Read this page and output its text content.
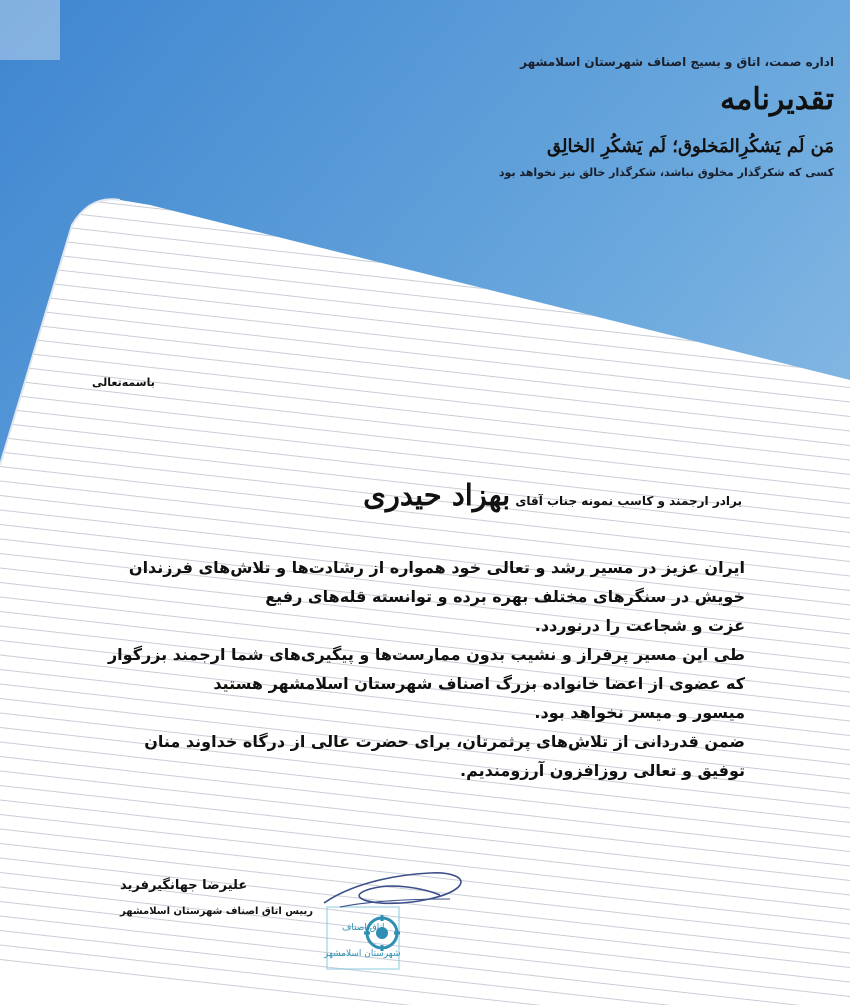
اداره صمت، اتاق و بسیج اصناف شهرستان اسلامشهر
تقدیرنامه
مَن لَم یَشکُرِالمَخلوق؛ لَم یَشکُرِ الخالِق
کسی که شکرگذار مخلوق نباشد، شکرگذار خالق نیز نخواهد بود
باسمه‌تعالی
برادر ارجمند و کاسب نمونه جناب آقای بهزاد حیدری
ایران عزیز در مسیر رشد و تعالی خود همواره از رشادت‌ها و تلاش‌های فرزندان
خویش در سنگرهای مختلف بهره برده و توانسته قله‌های رفیع
عزت و شجاعت را درنوردد.
طی این مسیر پرفراز و نشیب بدون ممارست‌ها و پیگیری‌های شما ارجمند بزرگوار
که عضوی از اعضا خانواده بزرگ اصناف شهرستان اسلامشهر هستید
میسور و میسر نخواهد بود.
ضمن قدردانی از تلاش‌های پرثمرتان، برای حضرت عالی از درگاه خداوند منان
توفیق و تعالی روزافزون آرزومندیم.
اتاق اصناف
شهرستان اسلامشهر
علیرضا جهانگیرفرید
رییس اتاق اصناف شهرستان اسلامشهر
